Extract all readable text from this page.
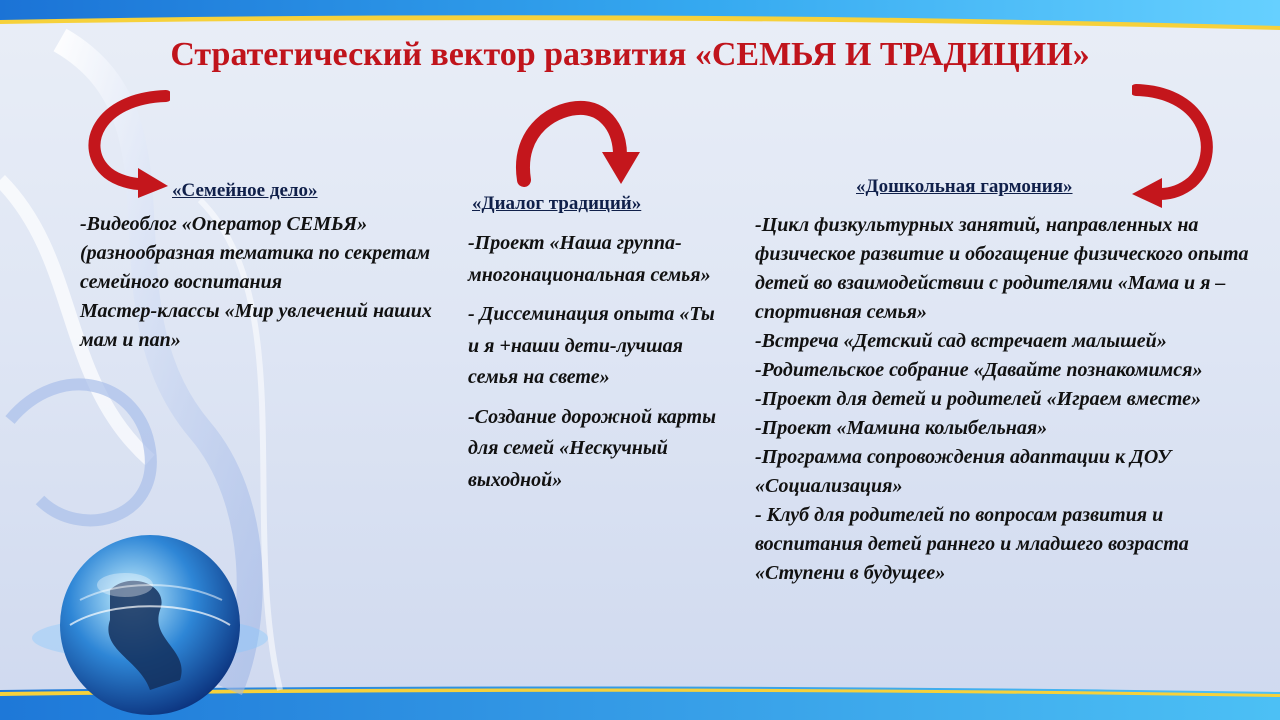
Стратегический вектор развития «СЕМЬЯ И ТРАДИЦИИ»
«Семейное дело»
«Диалог традиций»
«Дошкольная гармония»

-Видеоблог «Оператор СЕМЬЯ» (разнообразная тематика по секретам семейного воспитания

Мастер-классы «Мир увлечений наших мам и пап»

-Проект «Наша группа-многонациональная семья»

- Диссеминация опыта «Ты и я +наши дети-лучшая семья на свете»

-Создание дорожной карты для семей «Нескучный выходной»

-Цикл физкультурных занятий, направленных на физическое развитие и обогащение физического опыта детей во взаимодействии с родителями «Мама и я – спортивная семья»

-Встреча «Детский сад встречает малышей»

-Родительское собрание «Давайте познакомимся»

-Проект для детей и родителей «Играем вместе»

-Проект «Мамина колыбельная»

-Программа сопровождения адаптации к ДОУ «Социализация»

- Клуб для родителей по вопросам развития и воспитания детей раннего и младшего возраста «Ступени в будущее»
